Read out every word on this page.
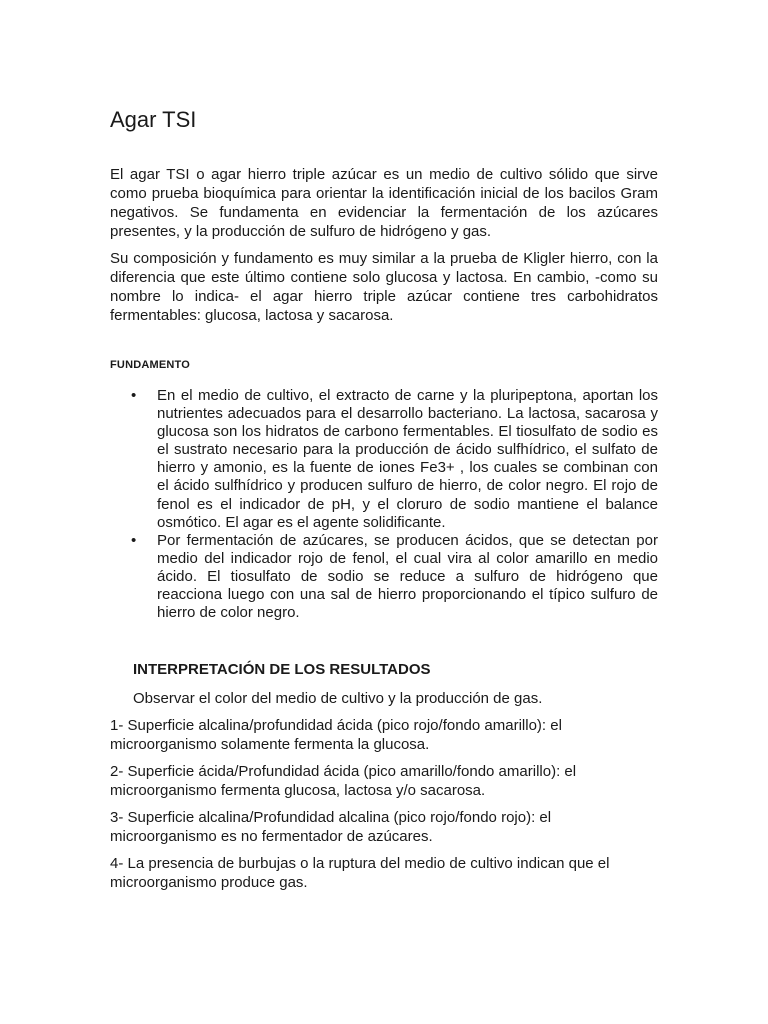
Agar TSI

El agar TSI o agar hierro triple azúcar es un medio de cultivo sólido que sirve como prueba bioquímica para orientar la identificación inicial de los bacilos Gram negativos. Se fundamenta en evidenciar la fermentación de los azúcares presentes, y la producción de sulfuro de hidrógeno y gas.

Su composición y fundamento es muy similar a la prueba de Kligler hierro, con la diferencia que este último contiene solo glucosa y lactosa. En cambio, -como su nombre lo indica- el agar hierro triple azúcar contiene tres carbohidratos fermentables: glucosa, lactosa y sacarosa.

FUNDAMENTO
• En el medio de cultivo, el extracto de carne y la pluripeptona, aportan los nutrientes adecuados para el desarrollo bacteriano. La lactosa, sacarosa y glucosa son los hidratos de carbono fermentables. El tiosulfato de sodio es el sustrato necesario para la producción de ácido sulfhídrico, el sulfato de hierro y amonio, es la fuente de iones Fe3+ , los cuales se combinan con el ácido sulfhídrico y producen sulfuro de hierro, de color negro. El rojo de fenol es el indicador de pH, y el cloruro de sodio mantiene el balance osmótico. El agar es el agente solidificante.
• Por fermentación de azúcares, se producen ácidos, que se detectan por medio del indicador rojo de fenol, el cual vira al color amarillo en medio ácido. El tiosulfato de sodio se reduce a sulfuro de hidrógeno que reacciona luego con una sal de hierro proporcionando el típico sulfuro de hierro de color negro.
INTERPRETACIÓN DE LOS RESULTADOS

Observar el color del medio de cultivo y la producción de gas.

1- Superficie alcalina/profundidad ácida (pico rojo/fondo amarillo): el microorganismo solamente fermenta la glucosa.
2- Superficie ácida/Profundidad ácida (pico amarillo/fondo amarillo): el microorganismo fermenta glucosa, lactosa y/o sacarosa.
3- Superficie alcalina/Profundidad alcalina (pico rojo/fondo rojo): el microorganismo es no fermentador de azúcares.
4- La presencia de burbujas o la ruptura del medio de cultivo indican que el microorganismo produce gas.
